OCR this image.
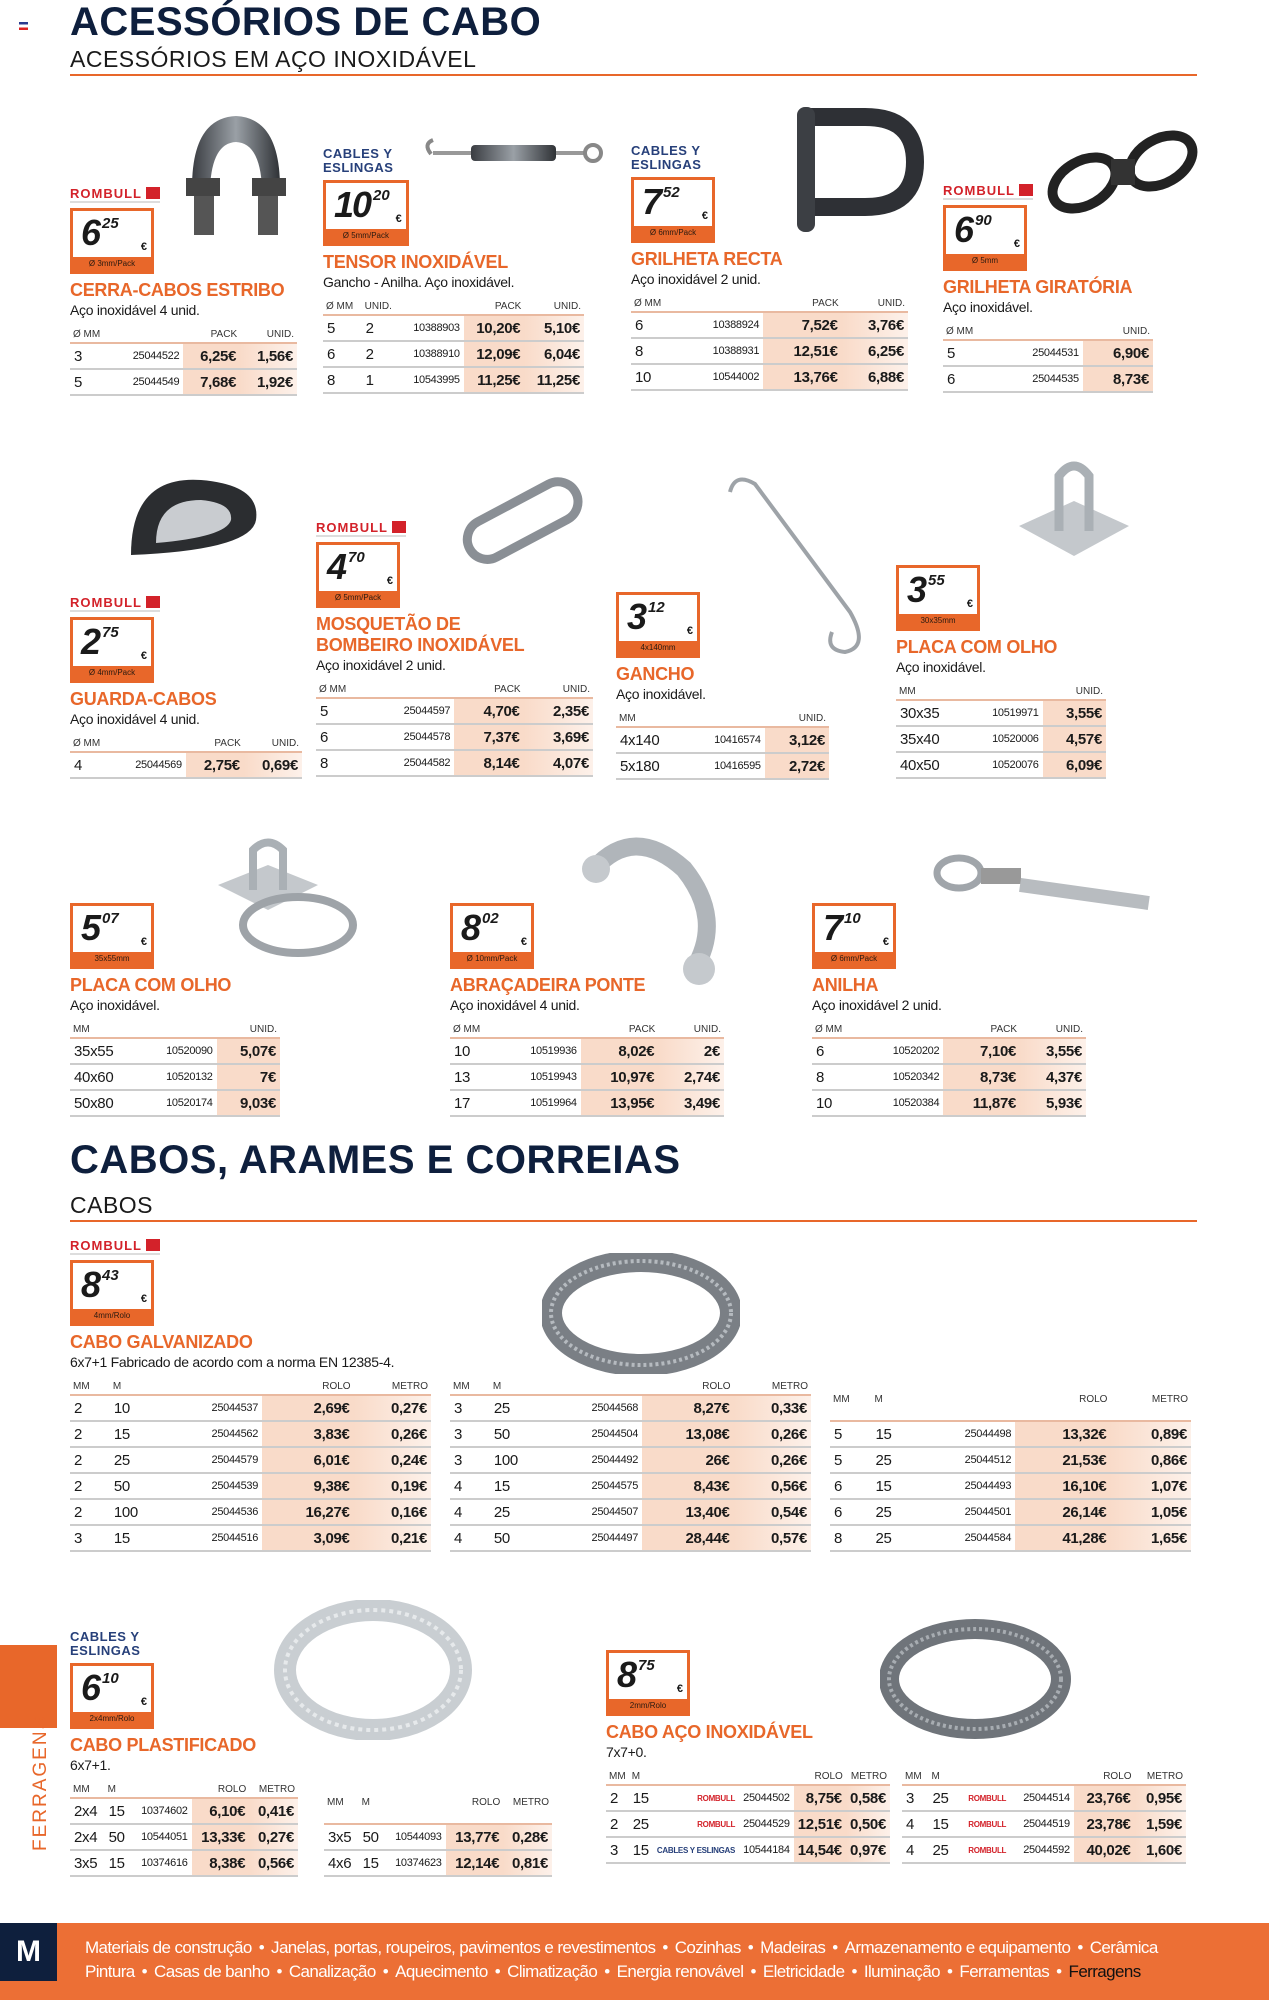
ACESSÓRIOS DE CABO
ACESSÓRIOS EM AÇO INOXIDÁVEL
CABOS, ARAMES E CORREIAS
CABOS
ROMBULL

6 25
€
Ø 3mm/Pack
CERRA-CABOS ESTRIBO
Aço inoxidável 4 unid.
Ø MM		PACK	UNID.
3	25044522	6,25€	1,56€
5	25044549	7,68€	1,92€
CABLES Y ESLINGAS

10 20
€
Ø 5mm/Pack
TENSOR INOXIDÁVEL
Gancho - Anilha. Aço inoxidável.
Ø MM	UNID.		PACK	UNID.
5	2	10388903	10,20€	5,10€
6	2	10388910	12,09€	6,04€
8	1	10543995	11,25€	11,25€
CABLES Y ESLINGAS

7 52
€
Ø 6mm/Pack
GRILHETA RECTA
Aço inoxidável 2 unid.
Ø MM		PACK	UNID.
6	10388924	7,52€	3,76€
8	10388931	12,51€	6,25€
10	10544002	13,76€	6,88€
ROMBULL

6 90
€
Ø 5mm
GRILHETA GIRATÓRIA
Aço inoxidável.
Ø MM		UNID.
5	25044531	6,90€
6	25044535	8,73€
ROMBULL

2 75
€
Ø 4mm/Pack
GUARDA-CABOS
Aço inoxidável 4 unid.
Ø MM		PACK	UNID.
4	25044569	2,75€	0,69€
ROMBULL

4 70
€
Ø 5mm/Pack
MOSQUETÃO DE BOMBEIRO INOXIDÁVEL
Aço inoxidável 2 unid.
Ø MM		PACK	UNID.
5	25044597	4,70€	2,35€
6	25044578	7,37€	3,69€
8	25044582	8,14€	4,07€
3 12
€
4x140mm
GANCHO
Aço inoxidável.
MM		UNID.
4x140	10416574	3,12€
5x180	10416595	2,72€
3 55
€
30x35mm
PLACA COM OLHO
Aço inoxidável.
MM		UNID.
30x35	10519971	3,55€
35x40	10520006	4,57€
40x50	10520076	6,09€
5 07
€
35x55mm
PLACA COM OLHO
Aço inoxidável.
MM		UNID.
35x55	10520090	5,07€
40x60	10520132	7€
50x80	10520174	9,03€
8 02
€
Ø 10mm/Pack
ABRAÇADEIRA PONTE
Aço inoxidável 4 unid.
Ø MM		PACK	UNID.
10	10519936	8,02€	2€
13	10519943	10,97€	2,74€
17	10519964	13,95€	3,49€
7 10
€
Ø 6mm/Pack
ANILHA
Aço inoxidável 2 unid.
Ø MM		PACK	UNID.
6	10520202	7,10€	3,55€
8	10520342	8,73€	4,37€
10	10520384	11,87€	5,93€
ROMBULL

8 43
€
4mm/Rolo
CABO GALVANIZADO
6x7+1 Fabricado de acordo com a norma EN 12385-4.
MM	M		ROLO	METRO
2	10	25044537	2,69€	0,27€
2	15	25044562	3,83€	0,26€
2	25	25044579	6,01€	0,24€
2	50	25044539	9,38€	0,19€
2	100	25044536	16,27€	0,16€
3	15	25044516	3,09€	0,21€
MM	M		ROLO	METRO
3	25	25044568	8,27€	0,33€
3	50	25044504	13,08€	0,26€
3	100	25044492	26€	0,26€
4	15	25044575	8,43€	0,56€
4	25	25044507	13,40€	0,54€
4	50	25044497	28,44€	0,57€
MM	M		ROLO	METRO
5	15	25044498	13,32€	0,89€
5	25	25044512	21,53€	0,86€
6	15	25044493	16,10€	1,07€
6	25	25044501	26,14€	1,05€
8	25	25044584	41,28€	1,65€
CABLES Y ESLINGAS

6 10
€
2x4mm/Rolo
CABO PLASTIFICADO
6x7+1.
MM	M		ROLO	METRO
2x4	15	10374602	6,10€	0,41€
2x4	50	10544051	13,33€	0,27€
3x5	15	10374616	8,38€	0,56€
MM	M		ROLO	METRO
3x5	50	10544093	13,77€	0,28€
4x6	15	10374623	12,14€	0,81€
8 75
€
2mm/Rolo
CABO AÇO INOXIDÁVEL
7x7+0.
MM	M			ROLO	METRO
2	15	ROMBULL	25044502	8,75€	0,58€
2	25	ROMBULL	25044529	12,51€	0,50€
3	15	CABLES Y ESLINGAS	10544184	14,54€	0,97€
MM	M			ROLO	METRO
3	25	ROMBULL	25044514	23,76€	0,95€
4	15	ROMBULL	25044519	23,78€	1,59€
4	25	ROMBULL	25044592	40,02€	1,60€
FERRAGENS
M	Materiais de construção • Janelas, portas, roupeiros, pavimentos e revestimentos • Cozinhas • Madeiras • Armazenamento e equipamento • Cerâmica
Pintura • Casas de banho • Canalização • Aquecimento • Climatização • Energia renovável • Eletricidade • Iluminação • Ferramentas • Ferragens
